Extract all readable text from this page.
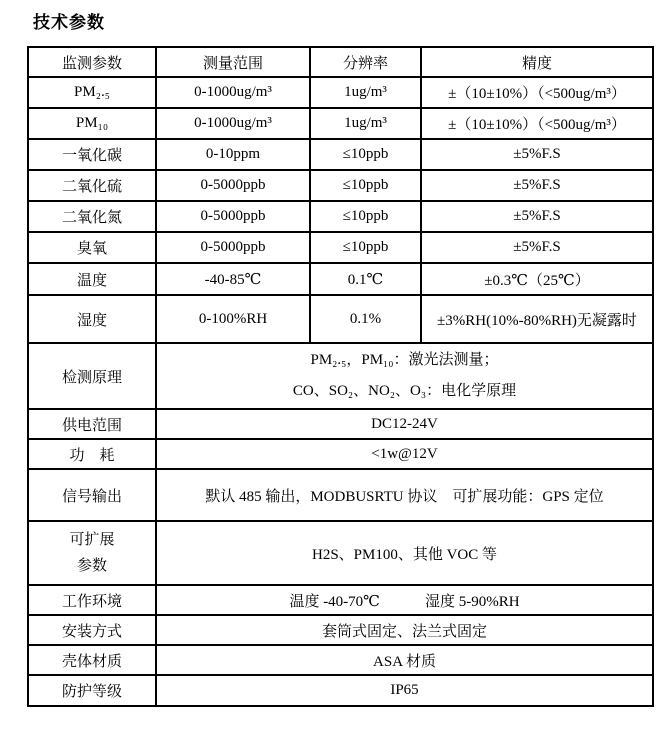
技术参数
监测参数	测量范围	分辨率	精度
PM₂.₅	0-1000ug/m³	1ug/m³	±（10±10%）（<500ug/m³）
PM₁₀	0-1000ug/m³	1ug/m³	±（10±10%）（<500ug/m³）
一氧化碳	0-10ppm	≤10ppb	±5%F.S
二氧化硫	0-5000ppb	≤10ppb	±5%F.S
二氧化氮	0-5000ppb	≤10ppb	±5%F.S
臭氧	0-5000ppb	≤10ppb	±5%F.S
温度	-40-85℃	0.1℃	±0.3℃（25℃）
湿度	0-100%RH	0.1%	±3%RH(10%-80%RH)无凝露时
检测原理	PM₂.₅，PM₁₀：激光法测量；
CO、SO₂、NO₂、O₃：电化学原理		

供电范围	DC12-24V		
功　耗	<1w@12V		
信号输出	默认 485 输出，MODBUSRTU 协议　可扩展功能：GPS 定位		

可扩展
参数	H2S、PM100、其他 VOC 等		
工作环境	温度 -40-70℃　　　湿度 5-90%RH		
安装方式	套筒式固定、法兰式固定		
壳体材质	ASA 材质		
防护等级	IP65		
